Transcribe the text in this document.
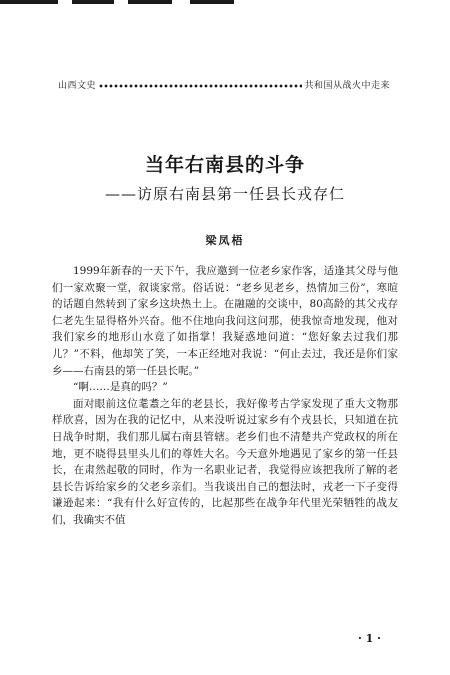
山西文史	共和国从战火中走来
当年右南县的斗争
——访原右南县第一任县长戎存仁
梁凤梧

1999年新春的一天下午，我应邀到一位老乡家作客，适逢其父母与他们一家欢聚一堂，叙谈家常。俗话说：“老乡见老乡，热情加三份”，寒暄的话题自然转到了家乡这块热土上。在融融的交谈中，80高龄的其父戎存仁老先生显得格外兴奋。他不住地向我问这问那，使我惊奇地发现，他对我们家乡的地形山水竟了如指掌！我疑惑地问道：“您好象去过我们那儿？”不料，他却笑了笑，一本正经地对我说：“何止去过，我还是你们家乡——右南县的第一任县长呢。”

“啊……是真的吗？”

面对眼前这位耄耋之年的老县长，我好像考古学家发现了重大文物那样欣喜，因为在我的记忆中，从来没听说过家乡有个戎县长，只知道在抗日战争时期，我们那儿属右南县管辖。老乡们也不清楚共产党政权的所在地，更不晓得县里头儿们的尊姓大名。今天意外地遇见了家乡的第一任县长，在肃然起敬的同时，作为一名职业记者，我觉得应该把我所了解的老县长告诉给家乡的父老乡亲们。当我谈出自己的想法时，戎老一下子变得谦逊起来：“我有什么好宣传的，比起那些在战争年代里光荣牺牲的战友们，我确实不值

· 1 ·
